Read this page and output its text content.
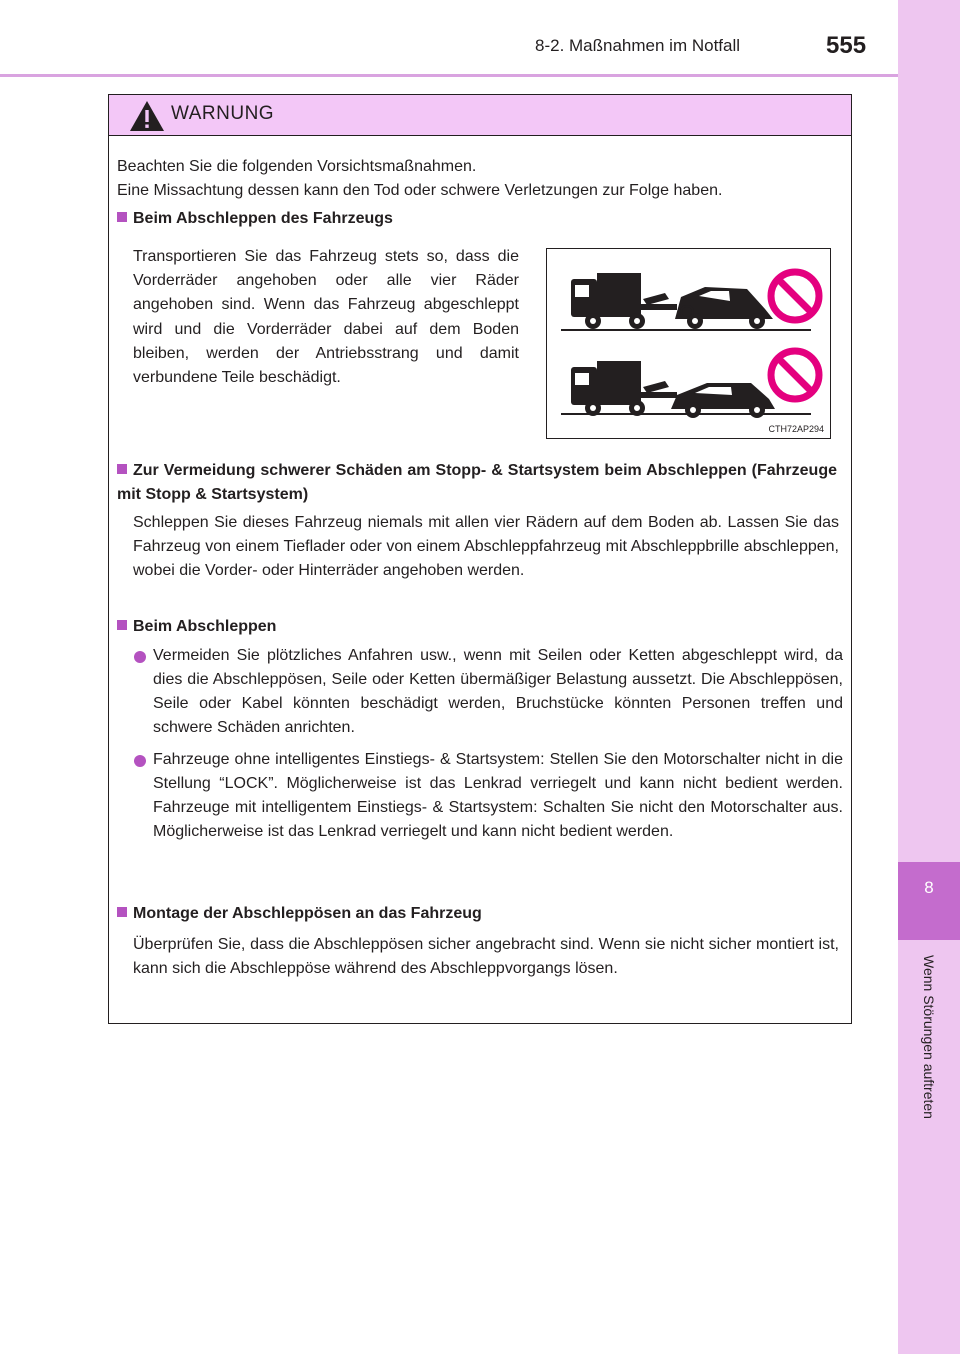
8-2. Maßnahmen im Notfall	555
8
Wenn Störungen auftreten
WARNUNG
Beachten Sie die folgenden Vorsichtsmaßnahmen.
Eine Missachtung dessen kann den Tod oder schwere Verletzungen zur Folge haben.
Beim Abschleppen des Fahrzeugs
Transportieren Sie das Fahrzeug stets so, dass die Vorderräder angehoben oder alle vier Räder angehoben sind. Wenn das Fahrzeug abgeschleppt wird und die Vorderräder dabei auf dem Boden bleiben, werden der Antriebsstrang und damit verbundene Teile beschädigt.
CTH72AP294
Zur Vermeidung schwerer Schäden am Stopp- & Startsystem beim Abschleppen (Fahrzeuge mit Stopp & Startsystem)
Schleppen Sie dieses Fahrzeug niemals mit allen vier Rädern auf dem Boden ab. Lassen Sie das Fahrzeug von einem Tieflader oder von einem Abschleppfahrzeug mit Abschleppbrille abschleppen, wobei die Vorder- oder Hinterräder angehoben werden.
Beim Abschleppen
Vermeiden Sie plötzliches Anfahren usw., wenn mit Seilen oder Ketten abgeschleppt wird, da dies die Abschleppösen, Seile oder Ketten übermäßiger Belastung aussetzt. Die Abschleppösen, Seile oder Kabel könnten beschädigt werden, Bruchstücke könnten Personen treffen und schwere Schäden anrichten.
Fahrzeuge ohne intelligentes Einstiegs- & Startsystem: Stellen Sie den Motorschalter nicht in die Stellung “LOCK”. Möglicherweise ist das Lenkrad verriegelt und kann nicht bedient werden. Fahrzeuge mit intelligentem Einstiegs- & Startsystem: Schalten Sie nicht den Motorschalter aus. Möglicherweise ist das Lenkrad verriegelt und kann nicht bedient werden.
Montage der Abschleppösen an das Fahrzeug
Überprüfen Sie, dass die Abschleppösen sicher angebracht sind. Wenn sie nicht sicher montiert ist, kann sich die Abschleppöse während des Abschleppvorgangs lösen.
